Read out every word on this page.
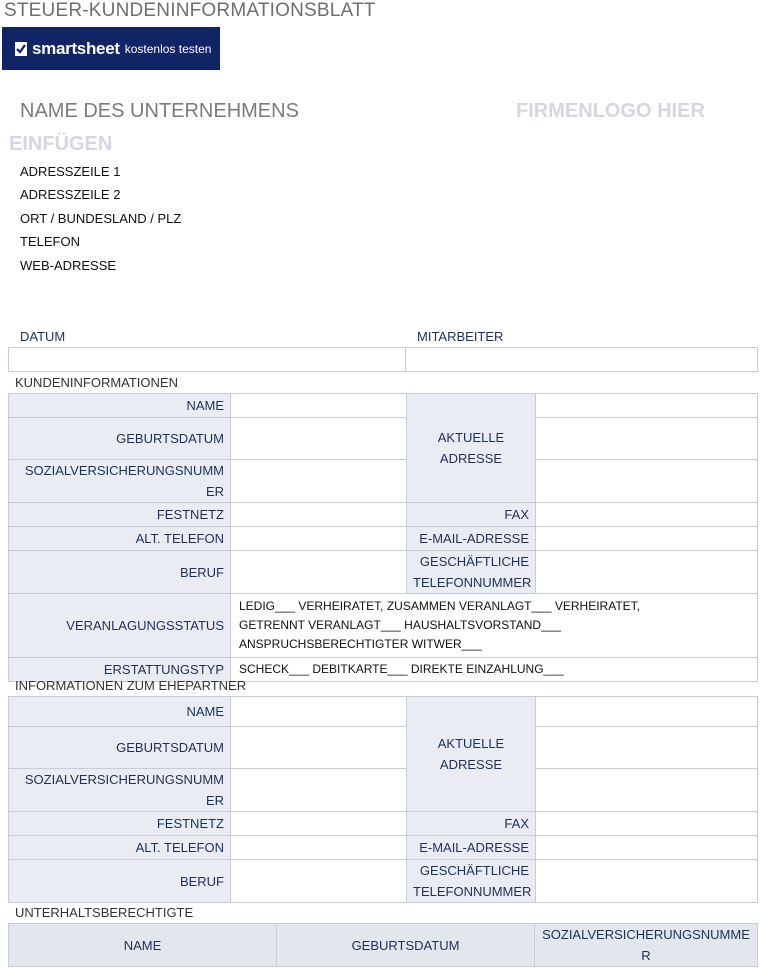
STEUER-KUNDENINFORMATIONSBLATT
smartsheet kostenlos testen
NAME DES UNTERNEHMENS	FIRMENLOGO HIER
EINFÜGEN
ADRESSZEILE 1
ADRESSZEILE 2
ORT / BUNDESLAND / PLZ
TELEFON
WEB-ADRESSE
DATUM	MITARBEITER

KUNDENINFORMATIONEN
NAME		AKTUELLE
ADRESSE	

GEBURTSDATUM			

SOZIALVERSICHERUNGSNUMM
ER			

FESTNETZ		FAX	
ALT. TELEFON		E-MAIL-ADRESSE	
BERUF		GESCHÄFTLICHE
TELEFONNUMMER	

VERANLAGUNGSSTATUS	LEDIG___ VERHEIRATET, ZUSAMMEN VERANLAGT___ VERHEIRATET,
GETRENNT VERANLAGT___ HAUSHALTSVORSTAND___
ANSPRUCHSBERECHTIGTER WITWER___		

ERSTATTUNGSTYP	SCHECK___ DEBITKARTE___ DIREKTE EINZAHLUNG___		
INFORMATIONEN ZUM EHEPARTNER
NAME		AKTUELLE
ADRESSE	

GEBURTSDATUM			

SOZIALVERSICHERUNGSNUMM
ER			

FESTNETZ		FAX	
ALT. TELEFON		E-MAIL-ADRESSE	
BERUF		GESCHÄFTLICHE
TELEFONNUMMER	

UNTERHALTSBERECHTIGTE
NAME	GEBURTSDATUM	
SOZIALVERSICHERUNGSNUMME
R
